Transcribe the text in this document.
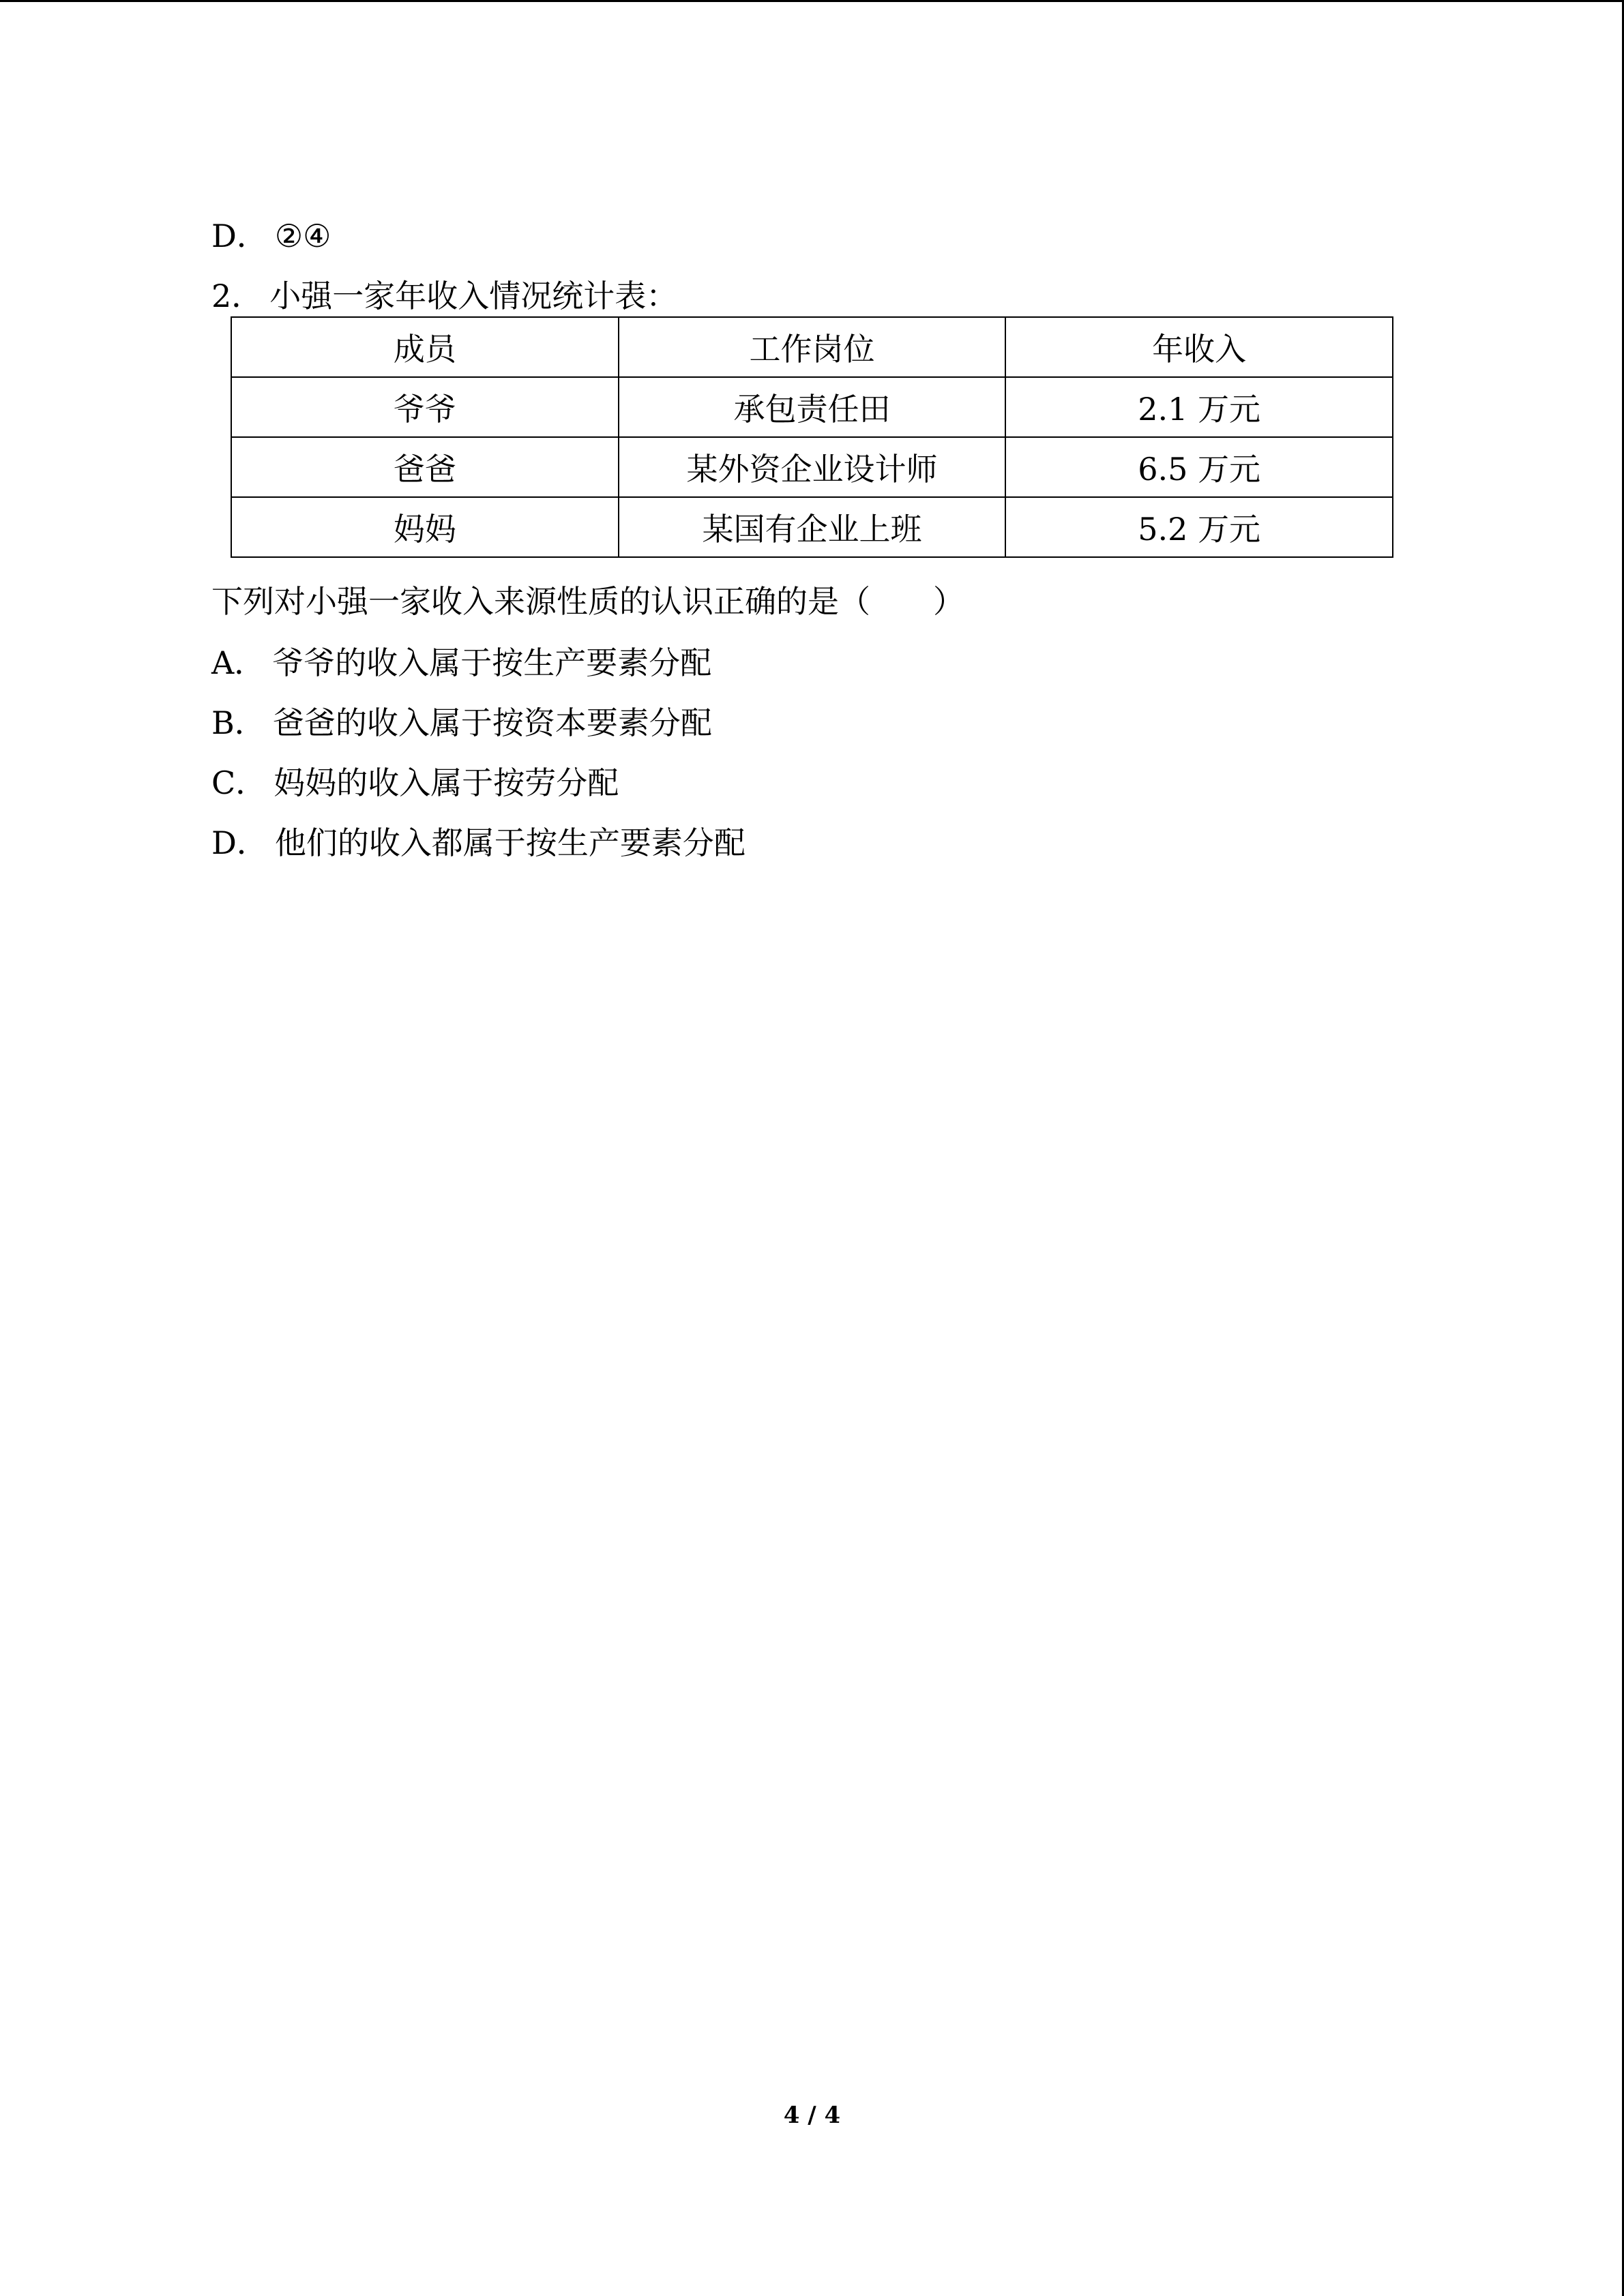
D． ②④
2． 小强一家年收入情况统计表：
成员	工作岗位	年收入
爷爷	承包责任田	2.1 万元
爸爸	某外资企业设计师	6.5 万元
妈妈	某国有企业上班	5.2 万元
下列对小强一家收入来源性质的认识正确的是（　　）
A． 爷爷的收入属于按生产要素分配
B． 爸爸的收入属于按资本要素分配
C． 妈妈的收入属于按劳分配
D． 他们的收入都属于按生产要素分配
4 / 4
